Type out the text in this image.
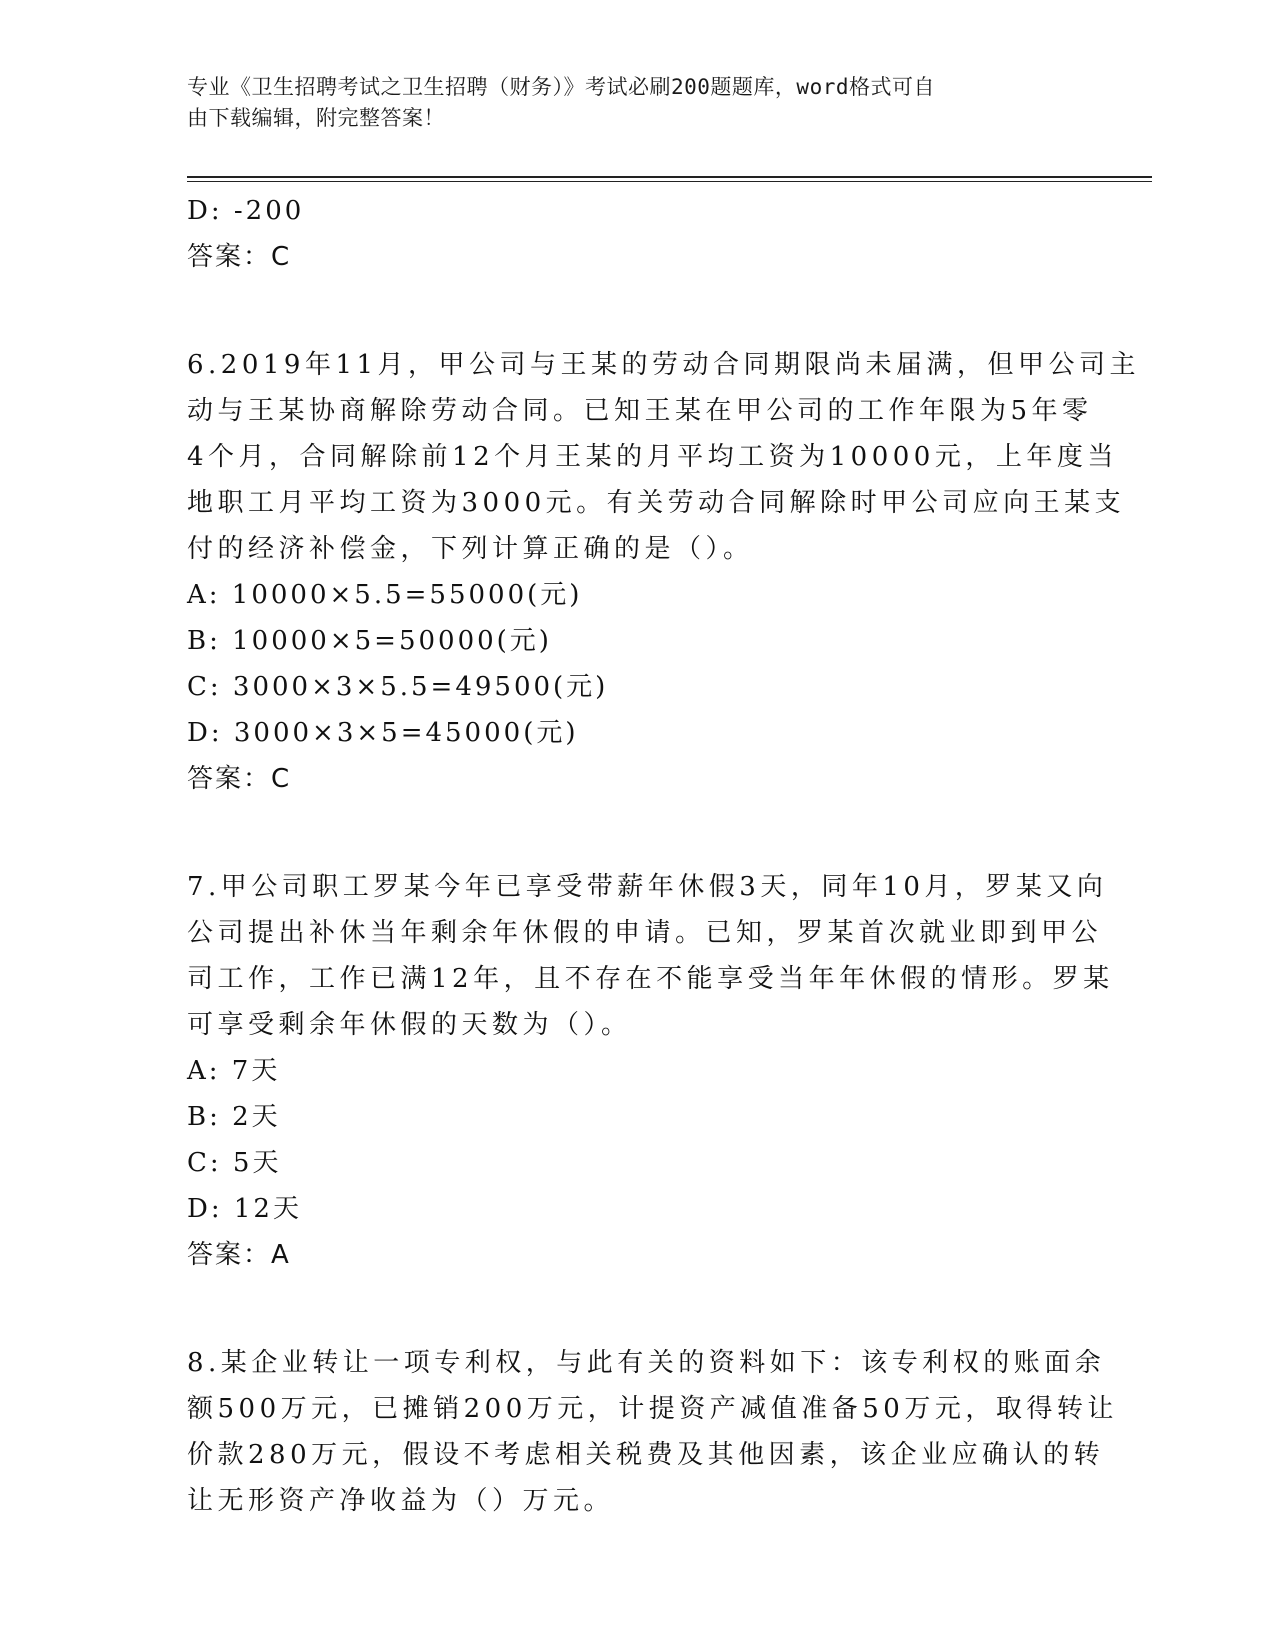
专业《卫生招聘考试之卫生招聘（财务）》考试必刷200题题库，word格式可自
由下载编辑，附完整答案！
D: -200
答案：C
6.2019年11月，甲公司与王某的劳动合同期限尚未届满，但甲公司主
动与王某协商解除劳动合同。已知王某在甲公司的工作年限为5年零
4个月，合同解除前12个月王某的月平均工资为10000元，上年度当
地职工月平均工资为3000元。有关劳动合同解除时甲公司应向王某支
付的经济补偿金，下列计算正确的是（）。
A: 10000×5.5=55000(元)
B: 10000×5=50000(元)
C: 3000×3×5.5=49500(元)
D: 3000×3×5=45000(元)
答案：C
7.甲公司职工罗某今年已享受带薪年休假3天，同年10月，罗某又向
公司提出补休当年剩余年休假的申请。已知，罗某首次就业即到甲公
司工作，工作已满12年，且不存在不能享受当年年休假的情形。罗某
可享受剩余年休假的天数为（）。
A: 7天
B: 2天
C: 5天
D: 12天
答案：A
8.某企业转让一项专利权，与此有关的资料如下：该专利权的账面余
额500万元，已摊销200万元，计提资产减值准备50万元，取得转让
价款280万元，假设不考虑相关税费及其他因素，该企业应确认的转
让无形资产净收益为（）万元。
